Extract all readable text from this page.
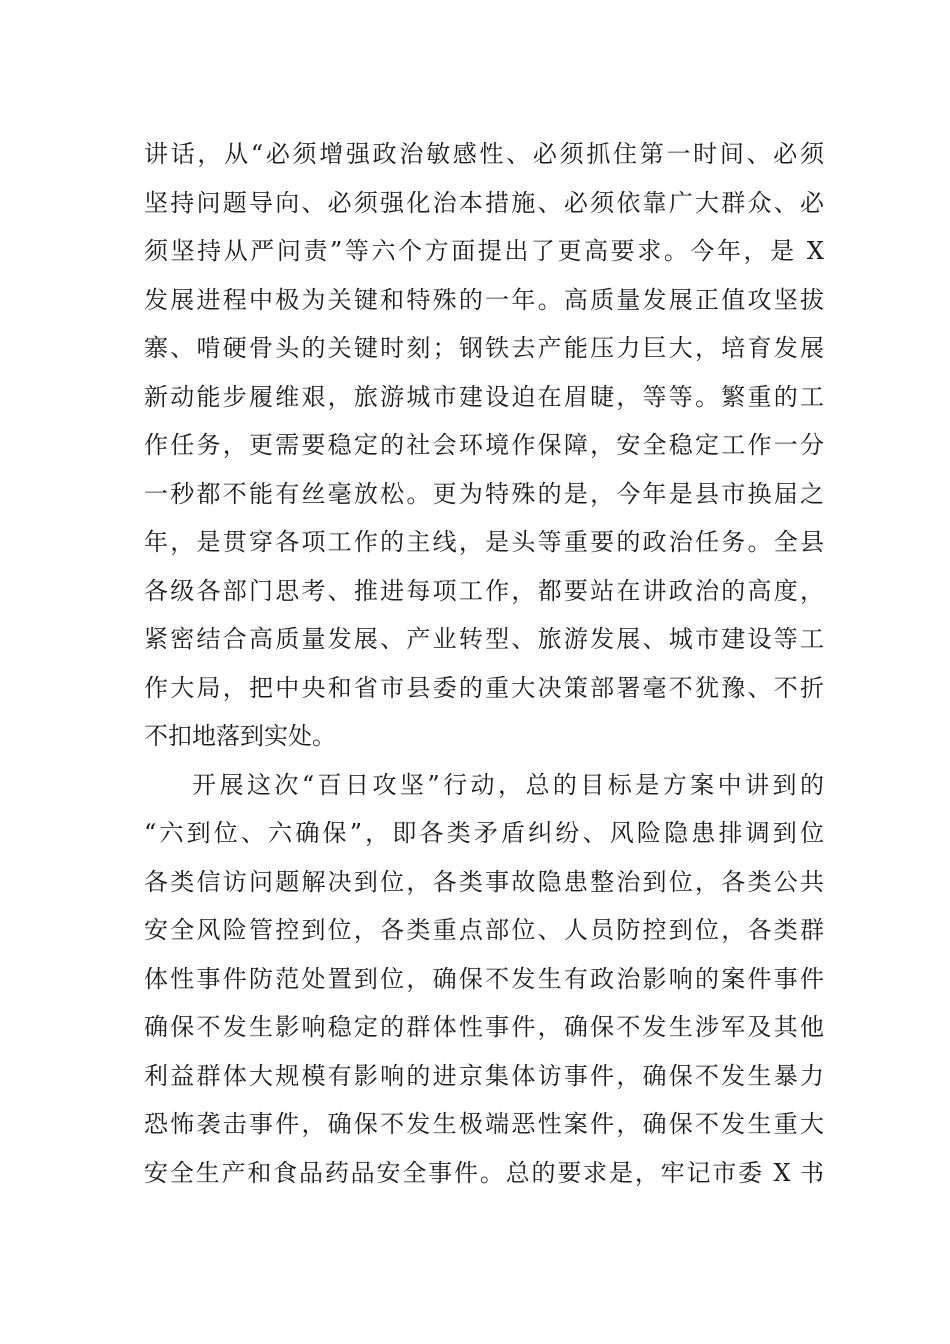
讲话，从“必须增强政治敏感性、必须抓住第一时间、必须
坚持问题导向、必须强化治本措施、必须依靠广大群众、必
须坚持从严问责”等六个方面提出了更高要求。今年，是 X
发展进程中极为关键和特殊的一年。高质量发展正值攻坚拔
寨、啃硬骨头的关键时刻；钢铁去产能压力巨大，培育发展
新动能步履维艰，旅游城市建设迫在眉睫，等等。繁重的工
作任务，更需要稳定的社会环境作保障，安全稳定工作一分
一秒都不能有丝毫放松。更为特殊的是，今年是县市换届之
年，是贯穿各项工作的主线，是头等重要的政治任务。全县
各级各部门思考、推进每项工作，都要站在讲政治的高度，
紧密结合高质量发展、产业转型、旅游发展、城市建设等工
作大局，把中央和省市县委的重大决策部署毫不犹豫、不折
不扣地落到实处。
开展这次“百日攻坚”行动，总的目标是方案中讲到的
“六到位、六确保”，即各类矛盾纠纷、风险隐患排调到位
各类信访问题解决到位，各类事故隐患整治到位，各类公共
安全风险管控到位，各类重点部位、人员防控到位，各类群
体性事件防范处置到位，确保不发生有政治影响的案件事件
确保不发生影响稳定的群体性事件，确保不发生涉军及其他
利益群体大规模有影响的进京集体访事件，确保不发生暴力
恐怖袭击事件，确保不发生极端恶性案件，确保不发生重大
安全生产和食品药品安全事件。总的要求是，牢记市委 X 书
